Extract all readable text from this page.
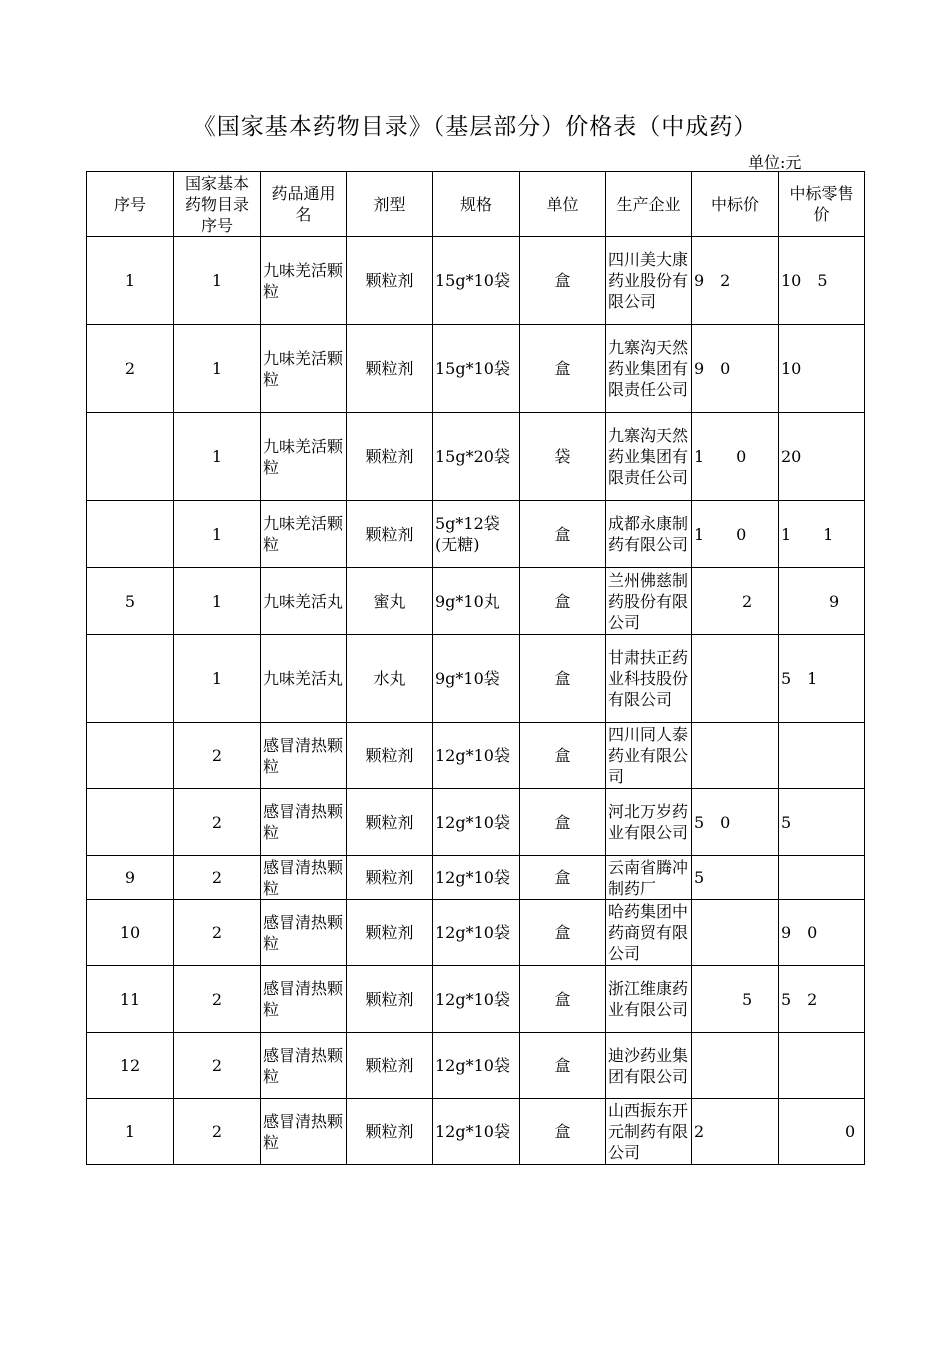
《国家基本药物目录》（基层部分）价格表（中成药）
单位:元
序号	国家基本药物目录序号	药品通用名	剂型	规格	单位	生产企业	中标价	中标零售价
1	1	九味羌活颗粒	颗粒剂	15g*10袋	盒	四川美大康药业股份有限公司	9　2	10　5
2	1	九味羌活颗粒	颗粒剂	15g*10袋	盒	九寨沟天然药业集团有限责任公司	9　0	10
	1	九味羌活颗粒	颗粒剂	15g*20袋	袋	九寨沟天然药业集团有限责任公司	1　　0	20
	1	九味羌活颗粒	颗粒剂	5g*12袋(无糖)	盒	成都永康制药有限公司	1　　0	1　　1
5	1	九味羌活丸	蜜丸	9g*10丸	盒	兰州佛慈制药股份有限公司	　　　2	　　　9
	1	九味羌活丸	水丸	9g*10袋	盒	甘肃扶正药业科技股份有限公司		5　1
	2	感冒清热颗粒	颗粒剂	12g*10袋	盒	四川同人泰药业有限公司		
	2	感冒清热颗粒	颗粒剂	12g*10袋	盒	河北万岁药业有限公司	5　0	5
9	2	感冒清热颗粒	颗粒剂	12g*10袋	盒	云南省腾冲制药厂	5	
10	2	感冒清热颗粒	颗粒剂	12g*10袋	盒	哈药集团中药商贸有限公司		9　0
11	2	感冒清热颗粒	颗粒剂	12g*10袋	盒	浙江维康药业有限公司	　　　5	5　2
12	2	感冒清热颗粒	颗粒剂	12g*10袋	盒	迪沙药业集团有限公司		
1	2	感冒清热颗粒	颗粒剂	12g*10袋	盒	山西振东开元制药有限公司	2	　　　　0
